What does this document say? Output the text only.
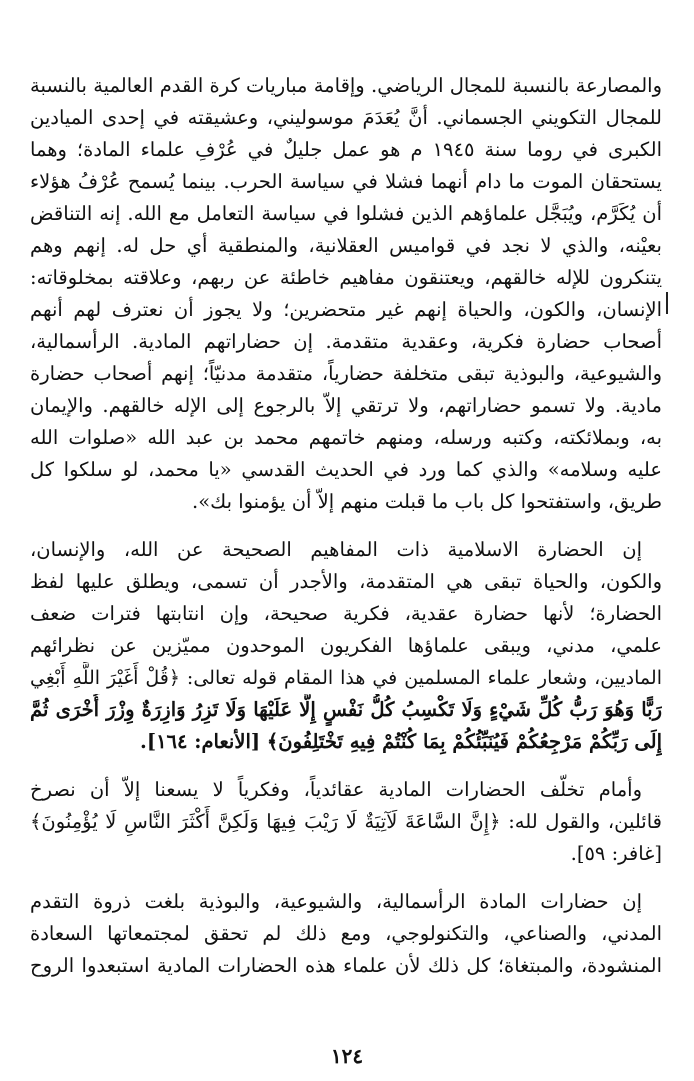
والمصارعة بالنسبة للمجال الرياضي. وإقامة مباريات كرة القدم العالمية بالنسبة
للمجال التكويني الجسماني. أنَّ يُعَدَمَ موسوليني، وعشيقته في إحدى الميادين
الكبرى في روما سنة ١٩٤٥ م هو عمل جليلٌ في عُرْفِ علماء المادة؛ وهما
يستحقان الموت ما دام أنهما فشلا في سياسة الحرب. بينما يُسمح عُرْفُ هؤلاء
أن يُكَرَّم، ويُبَجَّل علماؤهم الذين فشلوا في سياسة التعامل مع الله. إنه التناقض
بعيْنه، والذي لا نجد في قواميس العقلانية، والمنطقية أي حل له. إنهم وهم
يتنكرون للإله خالقهم، ويعتنقون مفاهيم خاطئة عن ربهم، وعلاقته بمخلوقاته:
الإنسان، والكون، والحياة إنهم غير متحضرين؛ ولا يجوز أن نعترف لهم أنهم
أصحاب حضارة فكرية، وعقدية متقدمة. إن حضاراتهم المادية. الرأسمالية،
والشيوعية، والبوذية تبقى متخلفة حضارياً، متقدمة مدنيّاً؛ إنهم أصحاب حضارة
مادية. ولا تسمو حضاراتهم، ولا ترتقي إلاّ بالرجوع إلى الإله خالقهم. والإيمان
به، وبملائكته، وكتبه ورسله، ومنهم خاتمهم محمد بن عبد الله «صلوات الله
عليه وسلامه» والذي كما ورد في الحديث القدسي «يا محمد، لو سلكوا كل
طريق، واستفتحوا كل باب ما قبلت منهم إلاّ أن يؤمنوا بك».
إن الحضارة الاسلامية ذات المفاهيم الصحيحة عن الله، والإنسان،
والكون، والحياة تبقى هي المتقدمة، والأجدر أن تسمى، ويطلق عليها لفظ
الحضارة؛ لأنها حضارة عقدية، فكرية صحيحة، وإن انتابتها فترات ضعف
علمي، مدني، ويبقى علماؤها الفكريون الموحدون مميّزين عن نظرائهم
الماديين، وشعار علماء المسلمين في هذا المقام قوله تعالى: ﴿قُلْ أَغَيْرَ اللَّهِ أَبْغِي
رَبًّا وَهُوَ رَبُّ كُلِّ شَيْءٍ وَلَا تَكْسِبُ كُلُّ نَفْسٍ إِلَّا عَلَيْهَا وَلَا تَزِرُ وَازِرَةٌ وِزْرَ أُخْرَى ثُمَّ
إِلَى رَبِّكُمْ مَرْجِعُكُمْ فَيُنَبِّئُكُمْ بِمَا كُنْتُمْ فِيهِ تَخْتَلِفُونَ﴾ [الأنعام: ١٦٤].
وأمام تخلّف الحضارات المادية عقائدياً، وفكرياً لا يسعنا إلاّ أن نصرخ
قائلين، والقول لله: ﴿إِنَّ السَّاعَةَ لَآتِيَةٌ لَا رَيْبَ فِيهَا وَلَكِنَّ أَكْثَرَ النَّاسِ لَا يُؤْمِنُونَ﴾
[غافر: ٥٩].
إن حضارات المادة الرأسمالية، والشيوعية، والبوذية بلغت ذروة التقدم
المدني، والصناعي، والتكنولوجي، ومع ذلك لم تحقق لمجتمعاتها السعادة
المنشودة، والمبتغاة؛ كل ذلك لأن علماء هذه الحضارات المادية استبعدوا الروح
١٢٤
